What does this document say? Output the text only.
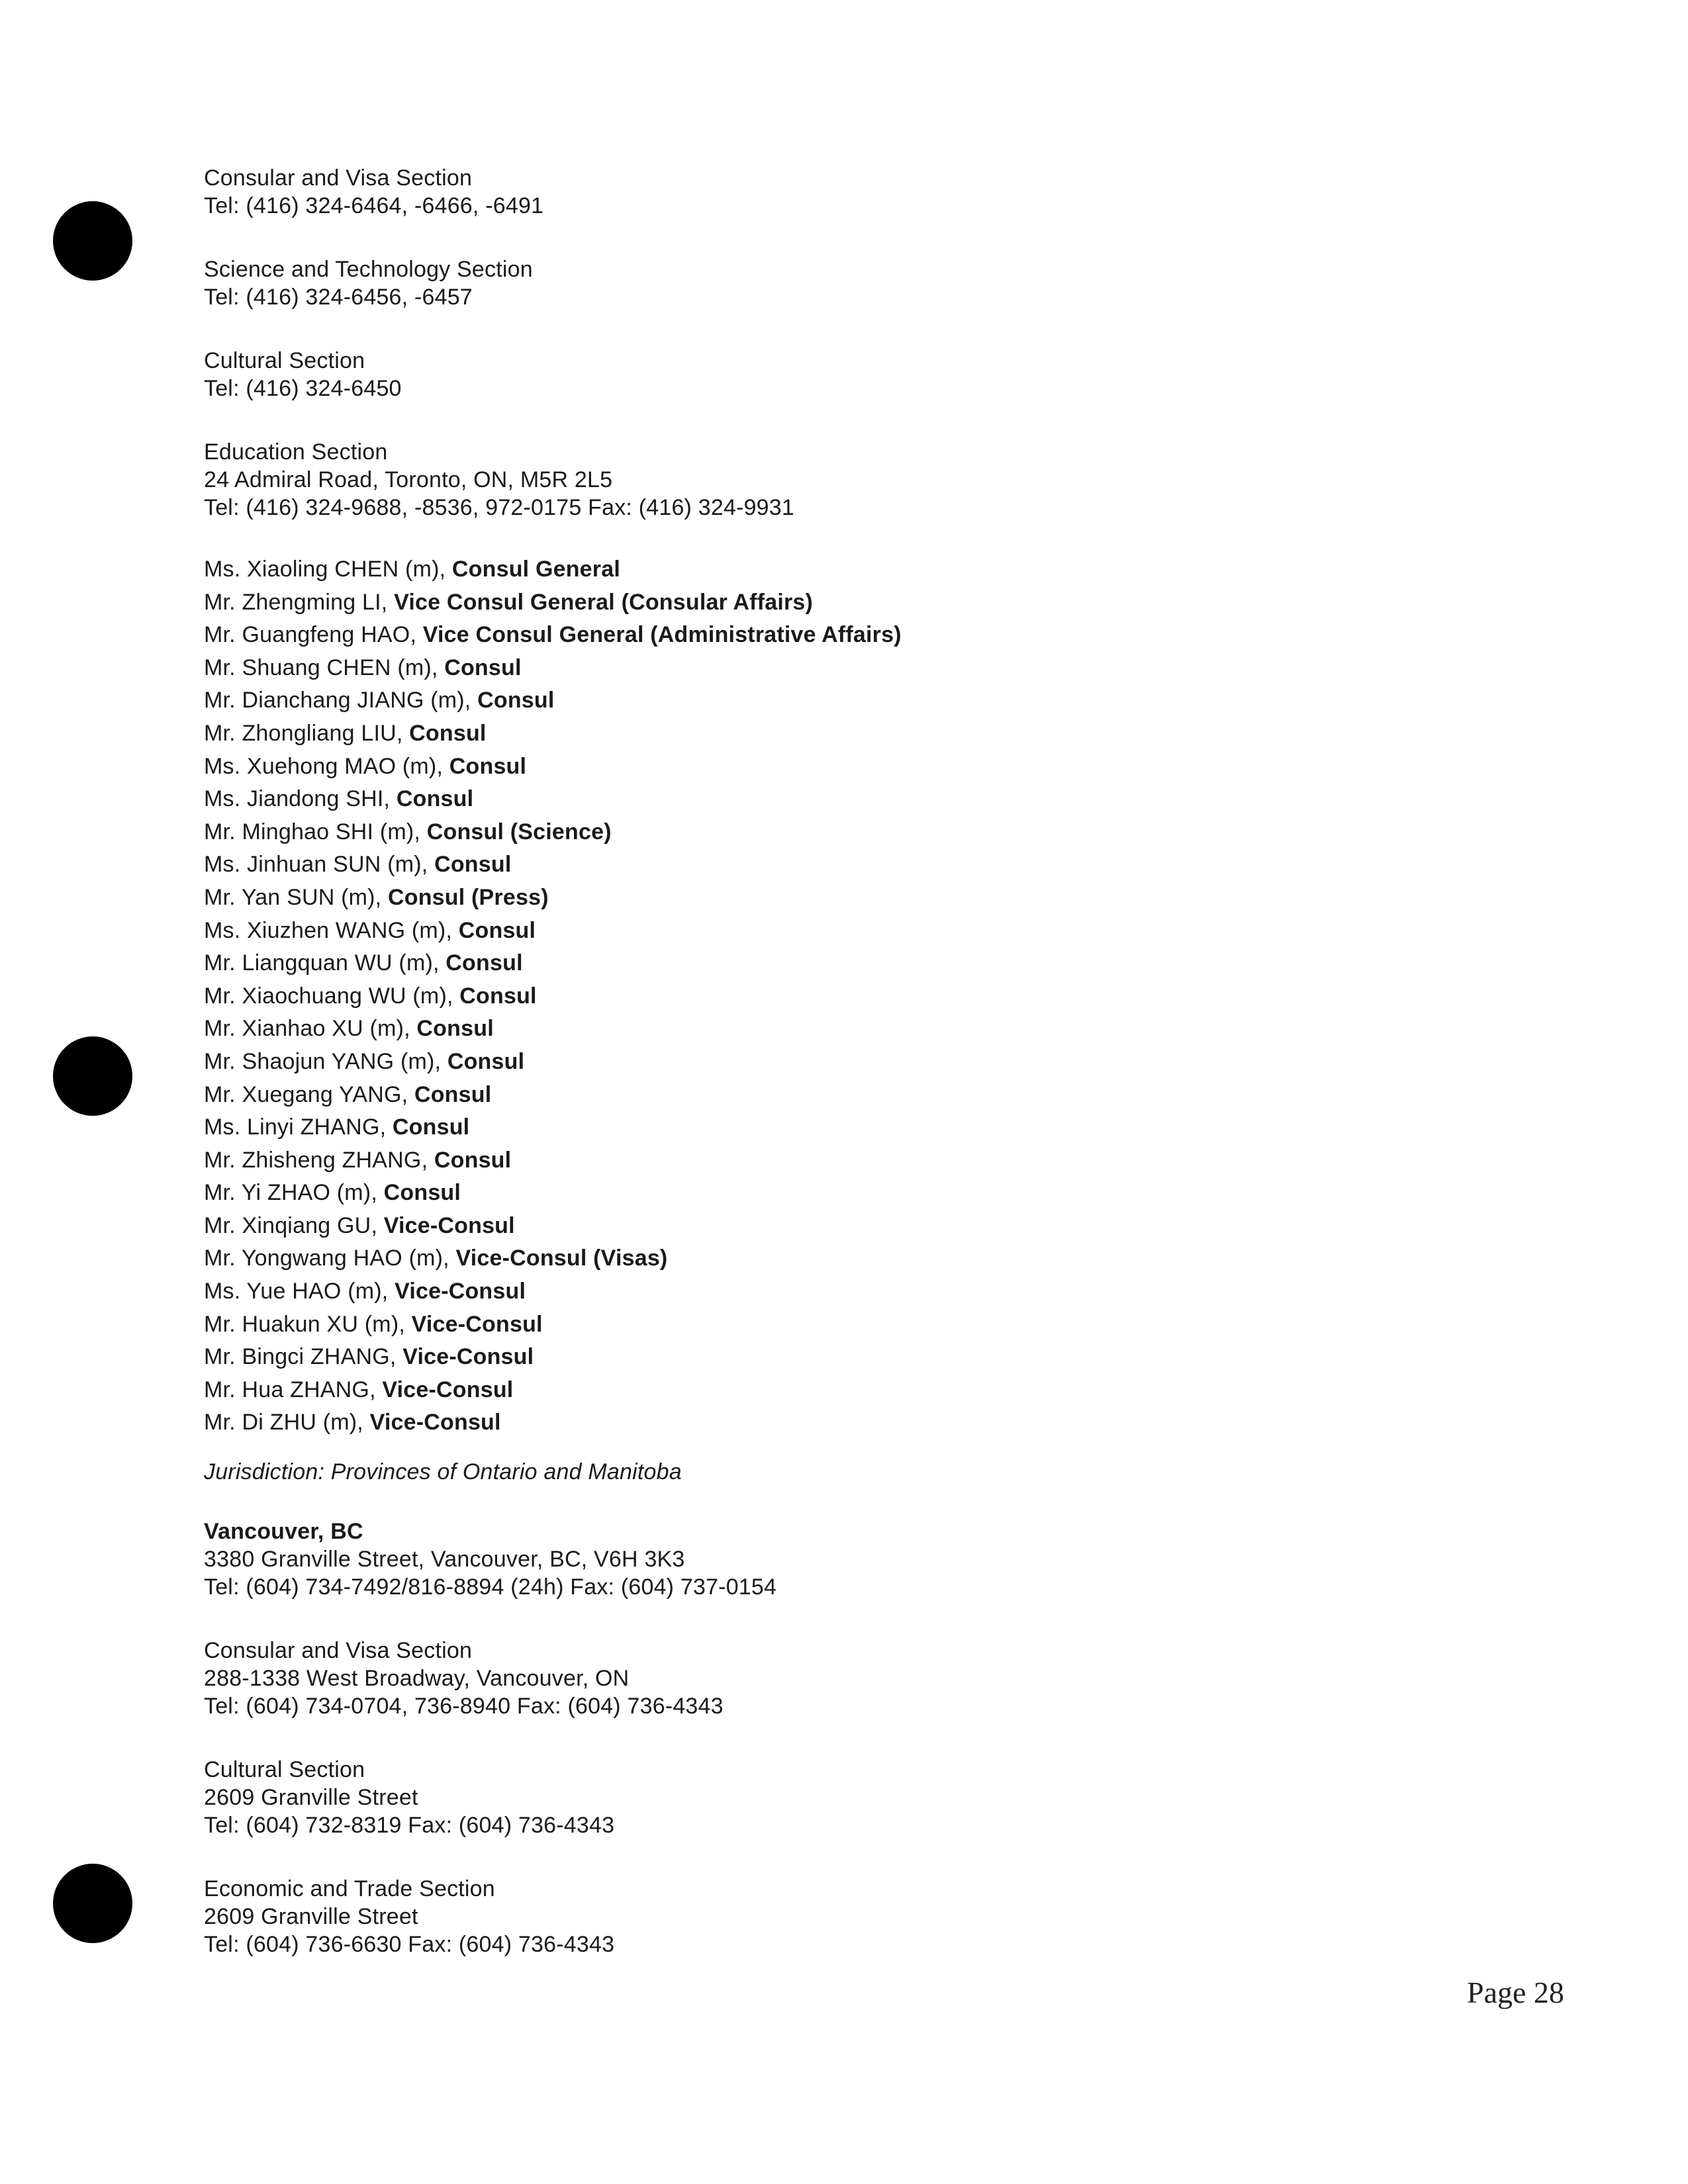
Consular and Visa Section
Tel: (416) 324-6464, -6466, -6491
Science and Technology Section
Tel: (416) 324-6456, -6457
Cultural Section
Tel: (416) 324-6450
Education Section
24 Admiral Road, Toronto, ON, M5R 2L5
Tel: (416) 324-9688, -8536, 972-0175 Fax: (416) 324-9931
Ms. Xiaoling CHEN (m), Consul General
Mr. Zhengming LI, Vice Consul General (Consular Affairs)
Mr. Guangfeng HAO, Vice Consul General (Administrative Affairs)
Mr. Shuang CHEN (m), Consul
Mr. Dianchang JIANG (m), Consul
Mr. Zhongliang LIU, Consul
Ms. Xuehong MAO (m), Consul
Ms. Jiandong SHI, Consul
Mr. Minghao SHI (m), Consul (Science)
Ms. Jinhuan SUN (m), Consul
Mr. Yan SUN (m), Consul (Press)
Ms. Xiuzhen WANG (m), Consul
Mr. Liangquan WU (m), Consul
Mr. Xiaochuang WU (m), Consul
Mr. Xianhao XU (m), Consul
Mr. Shaojun YANG (m), Consul
Mr. Xuegang YANG, Consul
Ms. Linyi ZHANG, Consul
Mr. Zhisheng ZHANG, Consul
Mr. Yi ZHAO (m), Consul
Mr. Xinqiang GU, Vice-Consul
Mr. Yongwang HAO (m), Vice-Consul (Visas)
Ms. Yue HAO (m), Vice-Consul
Mr. Huakun XU (m), Vice-Consul
Mr. Bingci ZHANG, Vice-Consul
Mr. Hua ZHANG, Vice-Consul
Mr. Di ZHU (m), Vice-Consul
Jurisdiction: Provinces of Ontario and Manitoba
Vancouver, BC
3380 Granville Street, Vancouver, BC, V6H 3K3
Tel: (604) 734-7492/816-8894 (24h) Fax: (604) 737-0154
Consular and Visa Section
288-1338 West Broadway, Vancouver, ON
Tel: (604) 734-0704, 736-8940 Fax: (604) 736-4343
Cultural Section
2609 Granville Street
Tel: (604) 732-8319 Fax: (604) 736-4343
Economic and Trade Section
2609 Granville Street
Tel: (604) 736-6630 Fax: (604) 736-4343
Page 28
